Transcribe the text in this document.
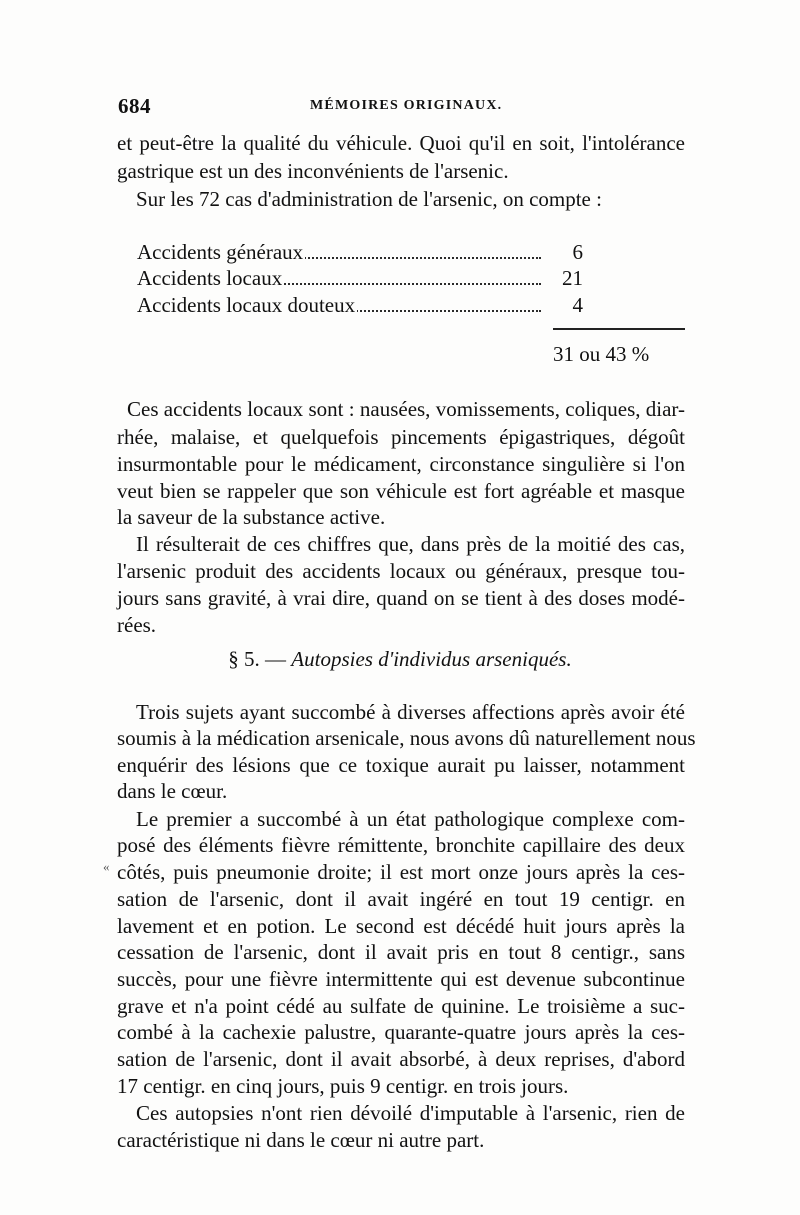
684	MÉMOIRES ORIGINAUX.
et peut-être la qualité du véhicule. Quoi qu'il en soit, l'intolérance
gastrique est un des inconvénients de l'arsenic.
Sur les 72 cas d'administration de l'arsenic, on compte :
Accidents généraux	6
Accidents locaux	21
Accidents locaux douteux	4
31 ou 43 %
Ces accidents locaux sont : nausées, vomissements, coliques, diar-
rhée, malaise, et quelquefois pincements épigastriques, dégoût
insurmontable pour le médicament, circonstance singulière si l'on
veut bien se rappeler que son véhicule est fort agréable et masque
la saveur de la substance active.
Il résulterait de ces chiffres que, dans près de la moitié des cas,
l'arsenic produit des accidents locaux ou généraux, presque tou-
jours sans gravité, à vrai dire, quand on se tient à des doses modé-
rées.
§ 5. — Autopsies d'individus arseniqués.
Trois sujets ayant succombé à diverses affections après avoir été
soumis à la médication arsenicale, nous avons dû naturellement nous
enquérir des lésions que ce toxique aurait pu laisser, notamment
dans le cœur.
Le premier a succombé à un état pathologique complexe com-
posé des éléments fièvre rémittente, bronchite capillaire des deux
côtés, puis pneumonie droite; il est mort onze jours après la ces-
sation de l'arsenic, dont il avait ingéré en tout 19 centigr. en
lavement et en potion. Le second est décédé huit jours après la
cessation de l'arsenic, dont il avait pris en tout 8 centigr., sans
succès, pour une fièvre intermittente qui est devenue subcontinue
grave et n'a point cédé au sulfate de quinine. Le troisième a suc-
combé à la cachexie palustre, quarante-quatre jours après la ces-
sation de l'arsenic, dont il avait absorbé, à deux reprises, d'abord
17 centigr. en cinq jours, puis 9 centigr. en trois jours.
Ces autopsies n'ont rien dévoilé d'imputable à l'arsenic, rien de
caractéristique ni dans le cœur ni autre part.
«
